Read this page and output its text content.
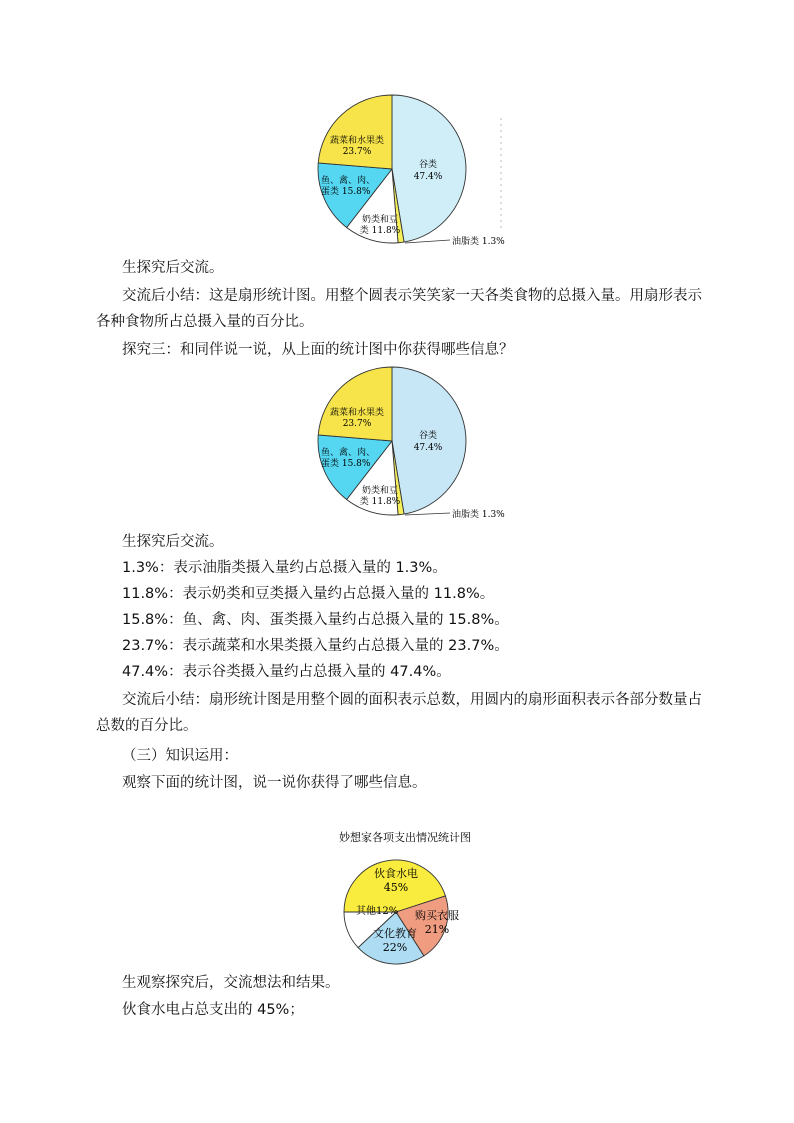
蔬菜和水果类
23.7%
谷类
47.4%
鱼、禽、肉、
蛋类 15.8%
奶类和豆
类 11.8%
油脂类 1.3%
生探究后交流。
交流后小结：这是扇形统计图。用整个圆表示笑笑家一天各类食物的总摄入量。用扇形表示各种食物所占总摄入量的百分比。
探究三：和同伴说一说，从上面的统计图中你获得哪些信息？
蔬菜和水果类
23.7%
谷类
47.4%
鱼、禽、肉、
蛋类 15.8%
奶类和豆
类 11.8%
油脂类 1.3%
生探究后交流。
1.3%：表示油脂类摄入量约占总摄入量的 1.3%。
11.8%：表示奶类和豆类摄入量约占总摄入量的 11.8%。
15.8%：鱼、禽、肉、蛋类摄入量约占总摄入量的 15.8%。
23.7%：表示蔬菜和水果类摄入量约占总摄入量的 23.7%。
47.4%：表示谷类摄入量约占总摄入量的 47.4%。
交流后小结：扇形统计图是用整个圆的面积表示总数，用圆内的扇形面积表示各部分数量占总数的百分比。
（三）知识运用：
观察下面的统计图，说一说你获得了哪些信息。
妙想家各项支出情况统计图
伙食水电
45%
其他12% 购买衣服
21%
文化教育
22%
生观察探究后，交流想法和结果。
伙食水电占总支出的 45%；
